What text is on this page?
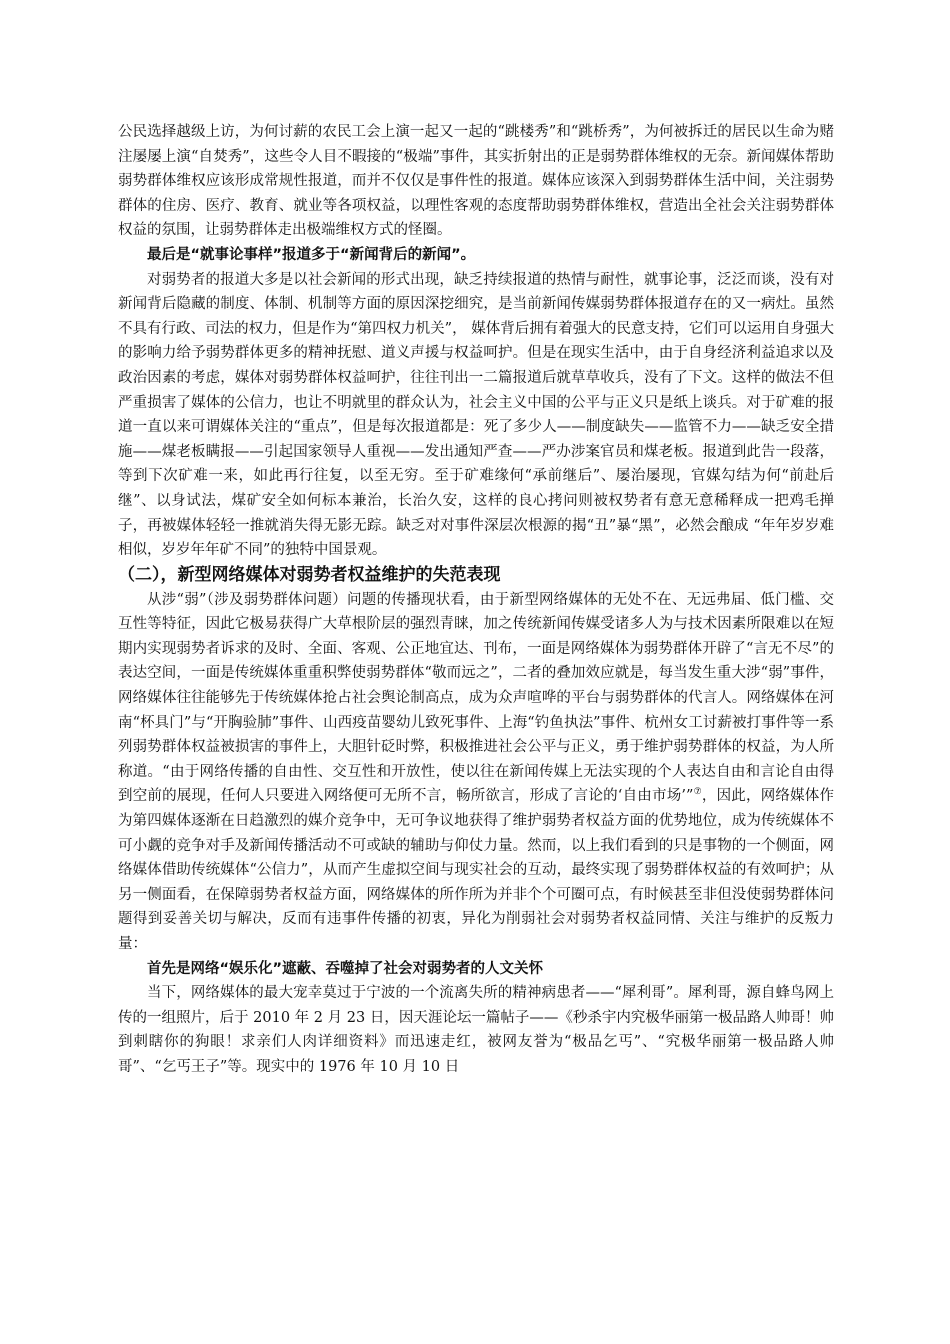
公民选择越级上访，为何讨薪的农民工会上演一起又一起的“跳楼秀”和“跳桥秀”，为何被拆迁的居民以生命为赌注屡屡上演“自焚秀”，这些令人目不暇接的“极端”事件，其实折射出的正是弱势群体维权的无奈。新闻媒体帮助弱势群体维权应该形成常规性报道，而并不仅仅是事件性的报道。媒体应该深入到弱势群体生活中间，关注弱势群体的住房、医疗、教育、就业等各项权益，以理性客观的态度帮助弱势群体维权，营造出全社会关注弱势群体权益的氛围，让弱势群体走出极端维权方式的怪圈。

最后是“就事论事样”报道多于“新闻背后的新闻”。

对弱势者的报道大多是以社会新闻的形式出现，缺乏持续报道的热情与耐性，就事论事，泛泛而谈，没有对新闻背后隐藏的制度、体制、机制等方面的原因深挖细究，是当前新闻传媒弱势群体报道存在的又一病灶。虽然不具有行政、司法的权力，但是作为“第四权力机关”， 媒体背后拥有着强大的民意支持，它们可以运用自身强大的影响力给予弱势群体更多的精神抚慰、道义声援与权益呵护。但是在现实生活中，由于自身经济利益追求以及政治因素的考虑，媒体对弱势群体权益呵护，往往刊出一二篇报道后就草草收兵，没有了下文。这样的做法不但严重损害了媒体的公信力，也让不明就里的群众认为，社会主义中国的公平与正义只是纸上谈兵。对于矿难的报道一直以来可谓媒体关注的“重点”，但是每次报道都是：死了多少人——制度缺失——监管不力——缺乏安全措施——煤老板瞒报——引起国家领导人重视——发出通知严查——严办涉案官员和煤老板。报道到此告一段落，等到下次矿难一来，如此再行往复，以至无穷。至于矿难缘何“承前继后”、屡治屡现，官媒勾结为何“前赴后继”、以身试法，煤矿安全如何标本兼治，长治久安，这样的良心拷问则被权势者有意无意稀释成一把鸡毛掸子，再被媒体轻轻一推就消失得无影无踪。缺乏对对事件深层次根源的揭“丑”暴“黑”，必然会酿成 “年年岁岁难相似，岁岁年年矿不同”的独特中国景观。

（二），新型网络媒体对弱势者权益维护的失范表现

从涉“弱”（涉及弱势群体问题）问题的传播现状看，由于新型网络媒体的无处不在、无远弗届、低门槛、交互性等特征，因此它极易获得广大草根阶层的强烈青睐，加之传统新闻传媒受诸多人为与技术因素所限难以在短期内实现弱势者诉求的及时、全面、客观、公正地宜达、刊布，一面是网络媒体为弱势群体开辟了“言无不尽”的表达空间，一面是传统媒体重重积弊使弱势群体“敬而远之”，二者的叠加效应就是，每当发生重大涉“弱”事件，网络媒体往往能够先于传统媒体抢占社会舆论制高点，成为众声喧哗的平台与弱势群体的代言人。网络媒体在河南“杯具门”与“开胸验肺”事件、山西疫苗婴幼儿致死事件、上海“钓鱼执法”事件、杭州女工讨薪被打事件等一系列弱势群体权益被损害的事件上，大胆针砭时弊，积极推进社会公平与正义，勇于维护弱势群体的权益，为人所称道。“由于网络传播的自由性、交互性和开放性，使以往在新闻传媒上无法实现的个人表达自由和言论自由得到空前的展现，任何人只要进入网络便可无所不言，畅所欲言，形成了言论的‘自由市场’”⑦，因此，网络媒体作为第四媒体逐渐在日趋激烈的媒介竞争中，无可争议地获得了维护弱势者权益方面的优势地位，成为传统媒体不可小觑的竞争对手及新闻传播活动不可或缺的辅助与仰仗力量。然而，以上我们看到的只是事物的一个侧面，网络媒体借助传统媒体“公信力”，从而产生虚拟空间与现实社会的互动，最终实现了弱势群体权益的有效呵护；从另一侧面看，在保障弱势者权益方面，网络媒体的所作所为并非个个可圈可点，有时候甚至非但没使弱势群体问题得到妥善关切与解决，反而有违事件传播的初衷，异化为削弱社会对弱势者权益同情、关注与维护的反叛力量：

首先是网络“娱乐化”遮蔽、吞噬掉了社会对弱势者的人文关怀

当下，网络媒体的最大宠幸莫过于宁波的一个流离失所的精神病患者——“犀利哥”。犀利哥，源自蜂鸟网上传的一组照片，后于 2010 年 2 月 23 日，因天涯论坛一篇帖子——《秒杀宇内究极华丽第一极品路人帅哥！帅到刺瞎你的狗眼！求亲们人肉详细资料》而迅速走红，被网友誉为“极品乞丐”、“究极华丽第一极品路人帅哥”、“乞丐王子”等。现实中的 1976 年 10 月 10 日
